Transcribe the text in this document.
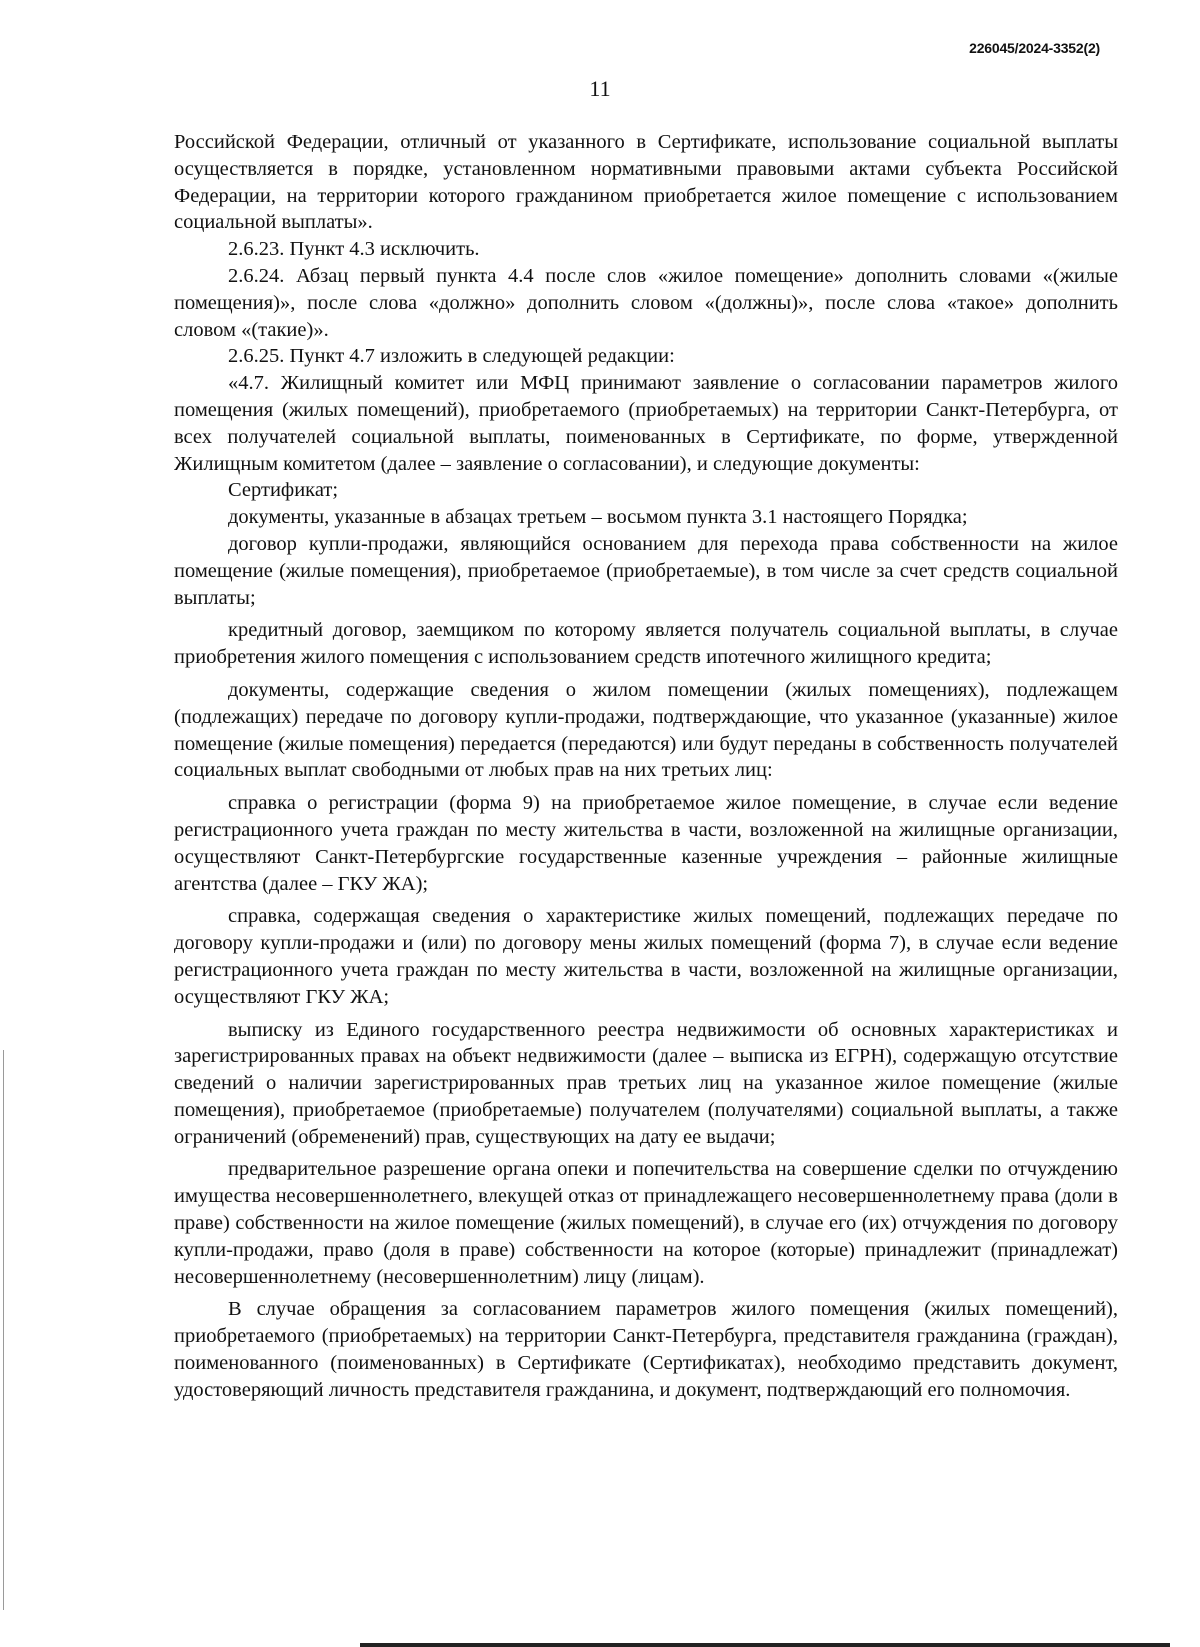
226045/2024-3352(2)
11

Российской Федерации, отличный от указанного в Сертификате, использование социальной выплаты осуществляется в порядке, установленном нормативными правовыми актами субъекта Российской Федерации, на территории которого гражданином приобретается жилое помещение с использованием социальной выплаты».

2.6.23. Пункт 4.3 исключить.

2.6.24. Абзац первый пункта 4.4 после слов «жилое помещение» дополнить словами «(жилые помещения)», после слова «должно» дополнить словом «(должны)», после слова «такое» дополнить словом «(такие)».

2.6.25. Пункт 4.7 изложить в следующей редакции:

«4.7. Жилищный комитет или МФЦ принимают заявление о согласовании параметров жилого помещения (жилых помещений), приобретаемого (приобретаемых) на территории Санкт-Петербурга, от всех получателей социальной выплаты, поименованных в Сертификате, по форме, утвержденной Жилищным комитетом (далее – заявление о согласовании), и следующие документы:

Сертификат;

документы, указанные в абзацах третьем – восьмом пункта 3.1 настоящего Порядка;

договор купли-продажи, являющийся основанием для перехода права собственности на жилое помещение (жилые помещения), приобретаемое (приобретаемые), в том числе за счет средств социальной выплаты;

кредитный договор, заемщиком по которому является получатель социальной выплаты, в случае приобретения жилого помещения с использованием средств ипотечного жилищного кредита;

документы, содержащие сведения о жилом помещении (жилых помещениях), подлежащем (подлежащих) передаче по договору купли-продажи, подтверждающие, что указанное (указанные) жилое помещение (жилые помещения) передается (передаются) или будут переданы в собственность получателей социальных выплат свободными от любых прав на них третьих лиц:

справка о регистрации (форма 9) на приобретаемое жилое помещение, в случае если ведение регистрационного учета граждан по месту жительства в части, возложенной на жилищные организации, осуществляют Санкт-Петербургские государственные казенные учреждения – районные жилищные агентства (далее – ГКУ ЖА);

справка, содержащая сведения о характеристике жилых помещений, подлежащих передаче по договору купли-продажи и (или) по договору мены жилых помещений (форма 7), в случае если ведение регистрационного учета граждан по месту жительства в части, возложенной на жилищные организации, осуществляют ГКУ ЖА;

выписку из Единого государственного реестра недвижимости об основных характеристиках и зарегистрированных правах на объект недвижимости (далее – выписка из ЕГРН), содержащую отсутствие сведений о наличии зарегистрированных прав третьих лиц на указанное жилое помещение (жилые помещения), приобретаемое (приобретаемые) получателем (получателями) социальной выплаты, а также ограничений (обременений) прав, существующих на дату ее выдачи;

предварительное разрешение органа опеки и попечительства на совершение сделки по отчуждению имущества несовершеннолетнего, влекущей отказ от принадлежащего несовершеннолетнему права (доли в праве) собственности на жилое помещение (жилых помещений), в случае его (их) отчуждения по договору купли-продажи, право (доля в праве) собственности на которое (которые) принадлежит (принадлежат) несовершеннолетнему (несовершеннолетним) лицу (лицам).

В случае обращения за согласованием параметров жилого помещения (жилых помещений), приобретаемого (приобретаемых) на территории Санкт-Петербурга, представителя гражданина (граждан), поименованного (поименованных) в Сертификате (Сертификатах), необходимо представить документ, удостоверяющий личность представителя гражданина, и документ, подтверждающий его полномочия.
